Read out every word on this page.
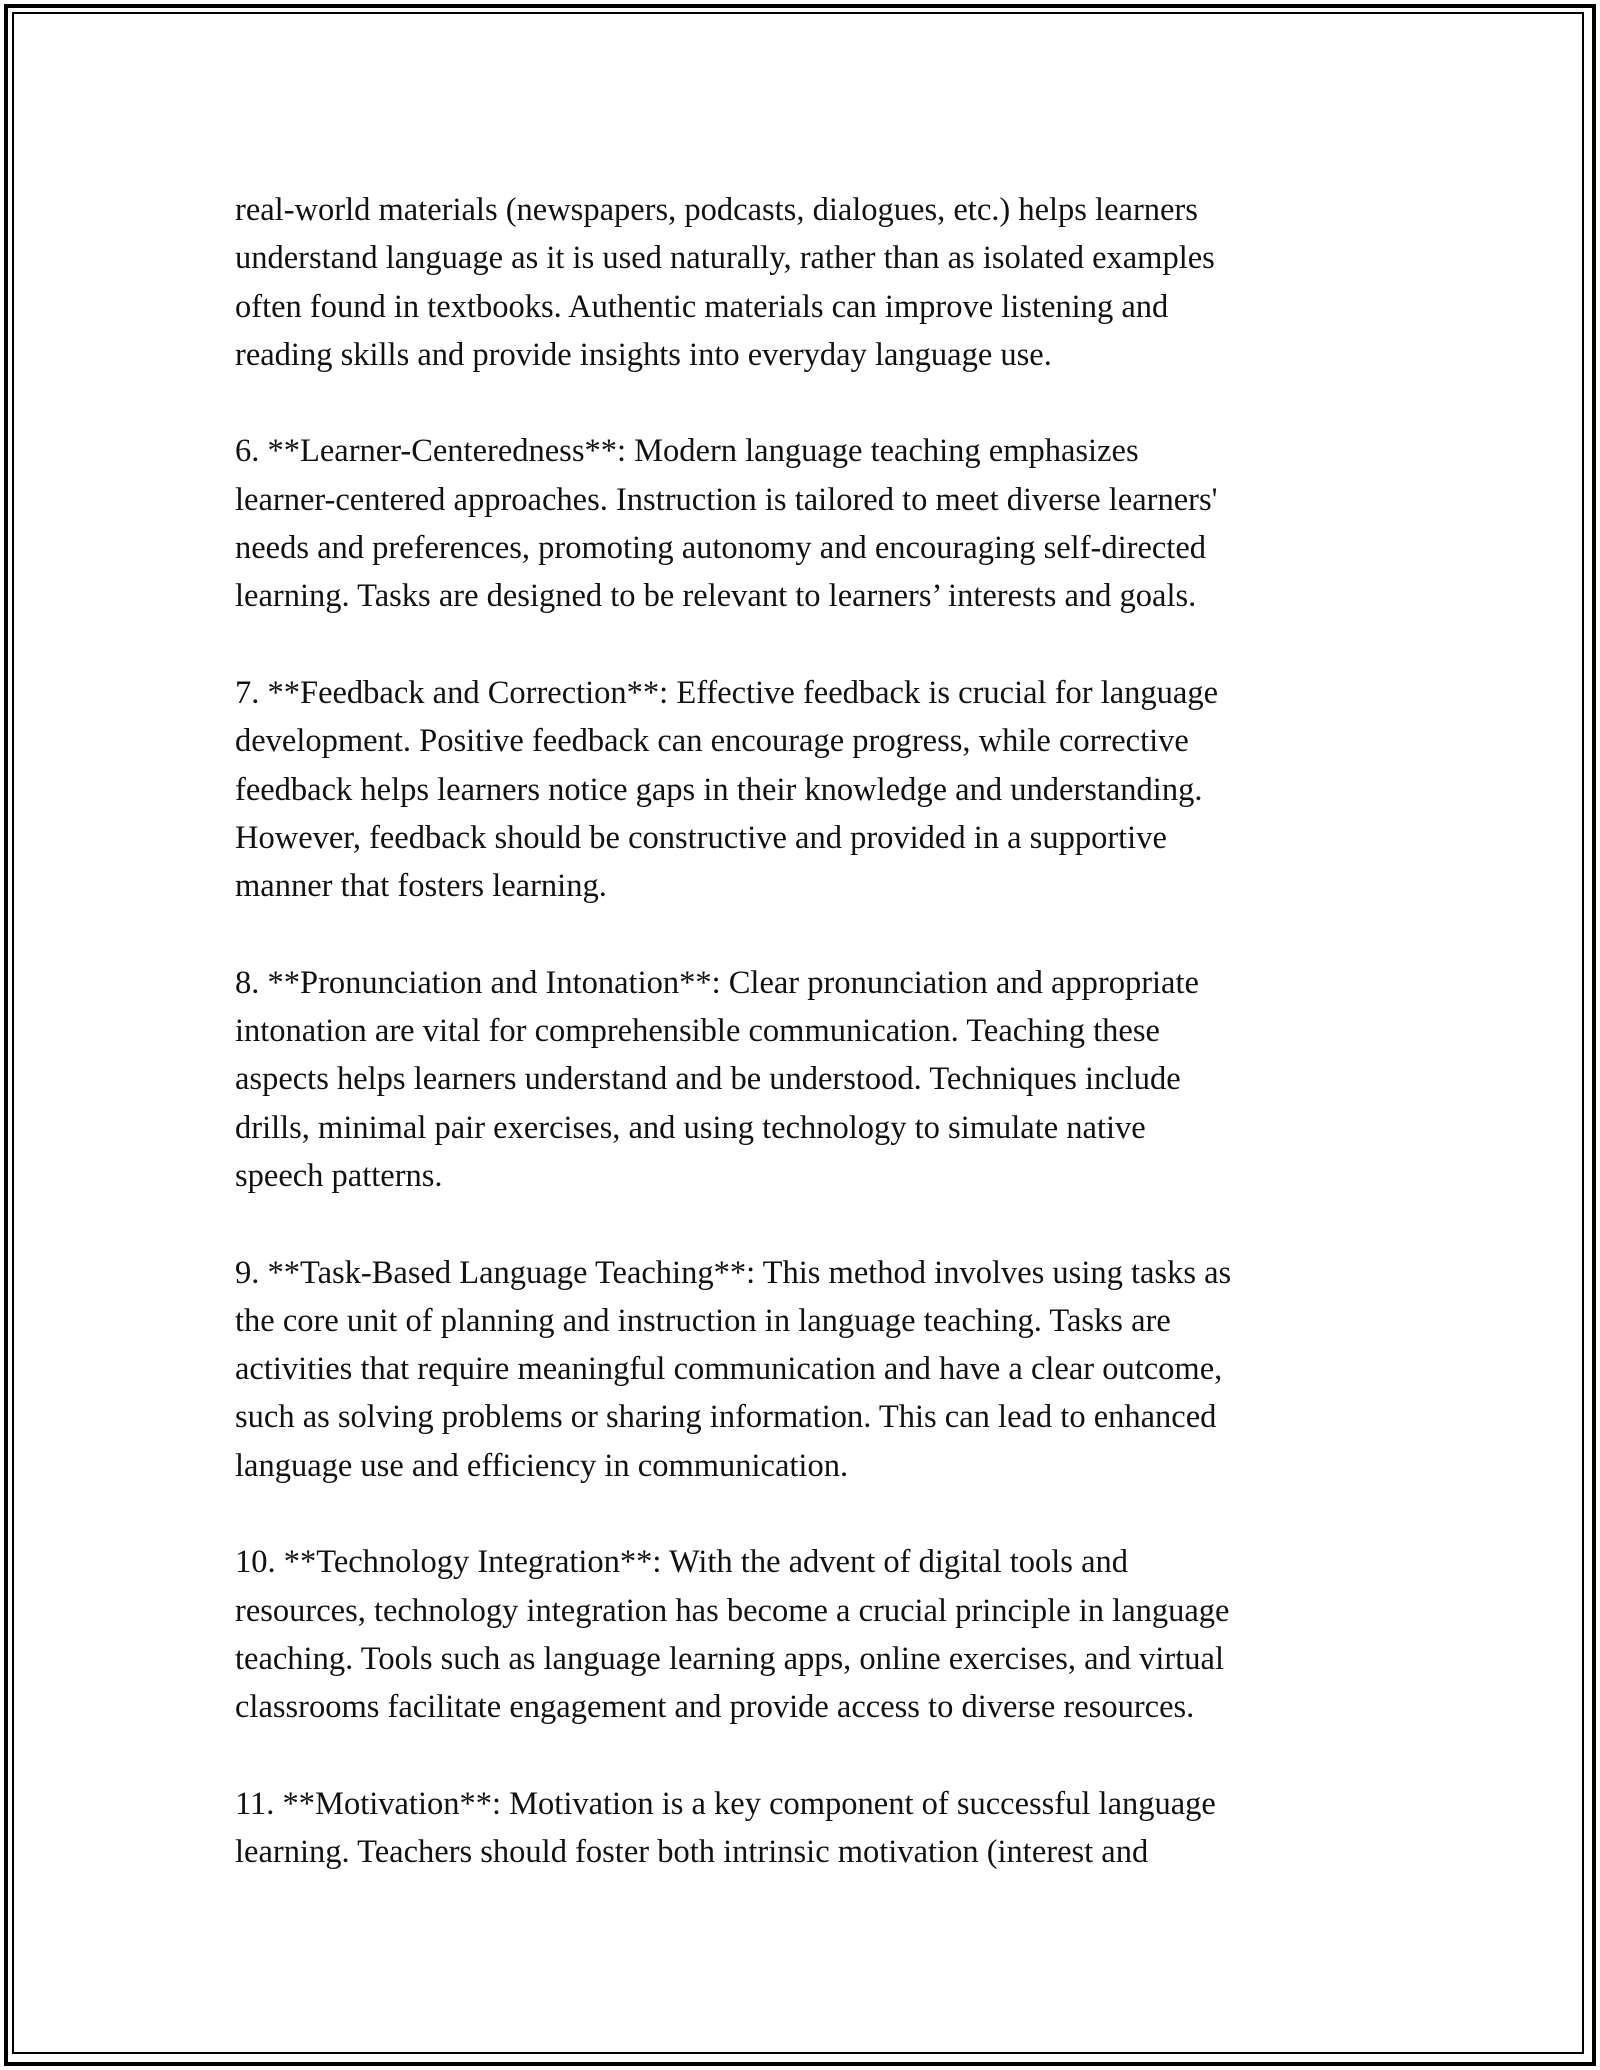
real-world materials (newspapers, podcasts, dialogues, etc.) helps learners
understand language as it is used naturally, rather than as isolated examples
often found in textbooks. Authentic materials can improve listening and
reading skills and provide insights into everyday language use.

6. **Learner-Centeredness**: Modern language teaching emphasizes
learner-centered approaches. Instruction is tailored to meet diverse learners'
needs and preferences, promoting autonomy and encouraging self-directed
learning. Tasks are designed to be relevant to learners’ interests and goals.

7. **Feedback and Correction**: Effective feedback is crucial for language
development. Positive feedback can encourage progress, while corrective
feedback helps learners notice gaps in their knowledge and understanding.
However, feedback should be constructive and provided in a supportive
manner that fosters learning.

8. **Pronunciation and Intonation**: Clear pronunciation and appropriate
intonation are vital for comprehensible communication. Teaching these
aspects helps learners understand and be understood. Techniques include
drills, minimal pair exercises, and using technology to simulate native
speech patterns.

9. **Task-Based Language Teaching**: This method involves using tasks as
the core unit of planning and instruction in language teaching. Tasks are
activities that require meaningful communication and have a clear outcome,
such as solving problems or sharing information. This can lead to enhanced
language use and efficiency in communication.

10. **Technology Integration**: With the advent of digital tools and
resources, technology integration has become a crucial principle in language
teaching. Tools such as language learning apps, online exercises, and virtual
classrooms facilitate engagement and provide access to diverse resources.

11. **Motivation**: Motivation is a key component of successful language
learning. Teachers should foster both intrinsic motivation (interest and
